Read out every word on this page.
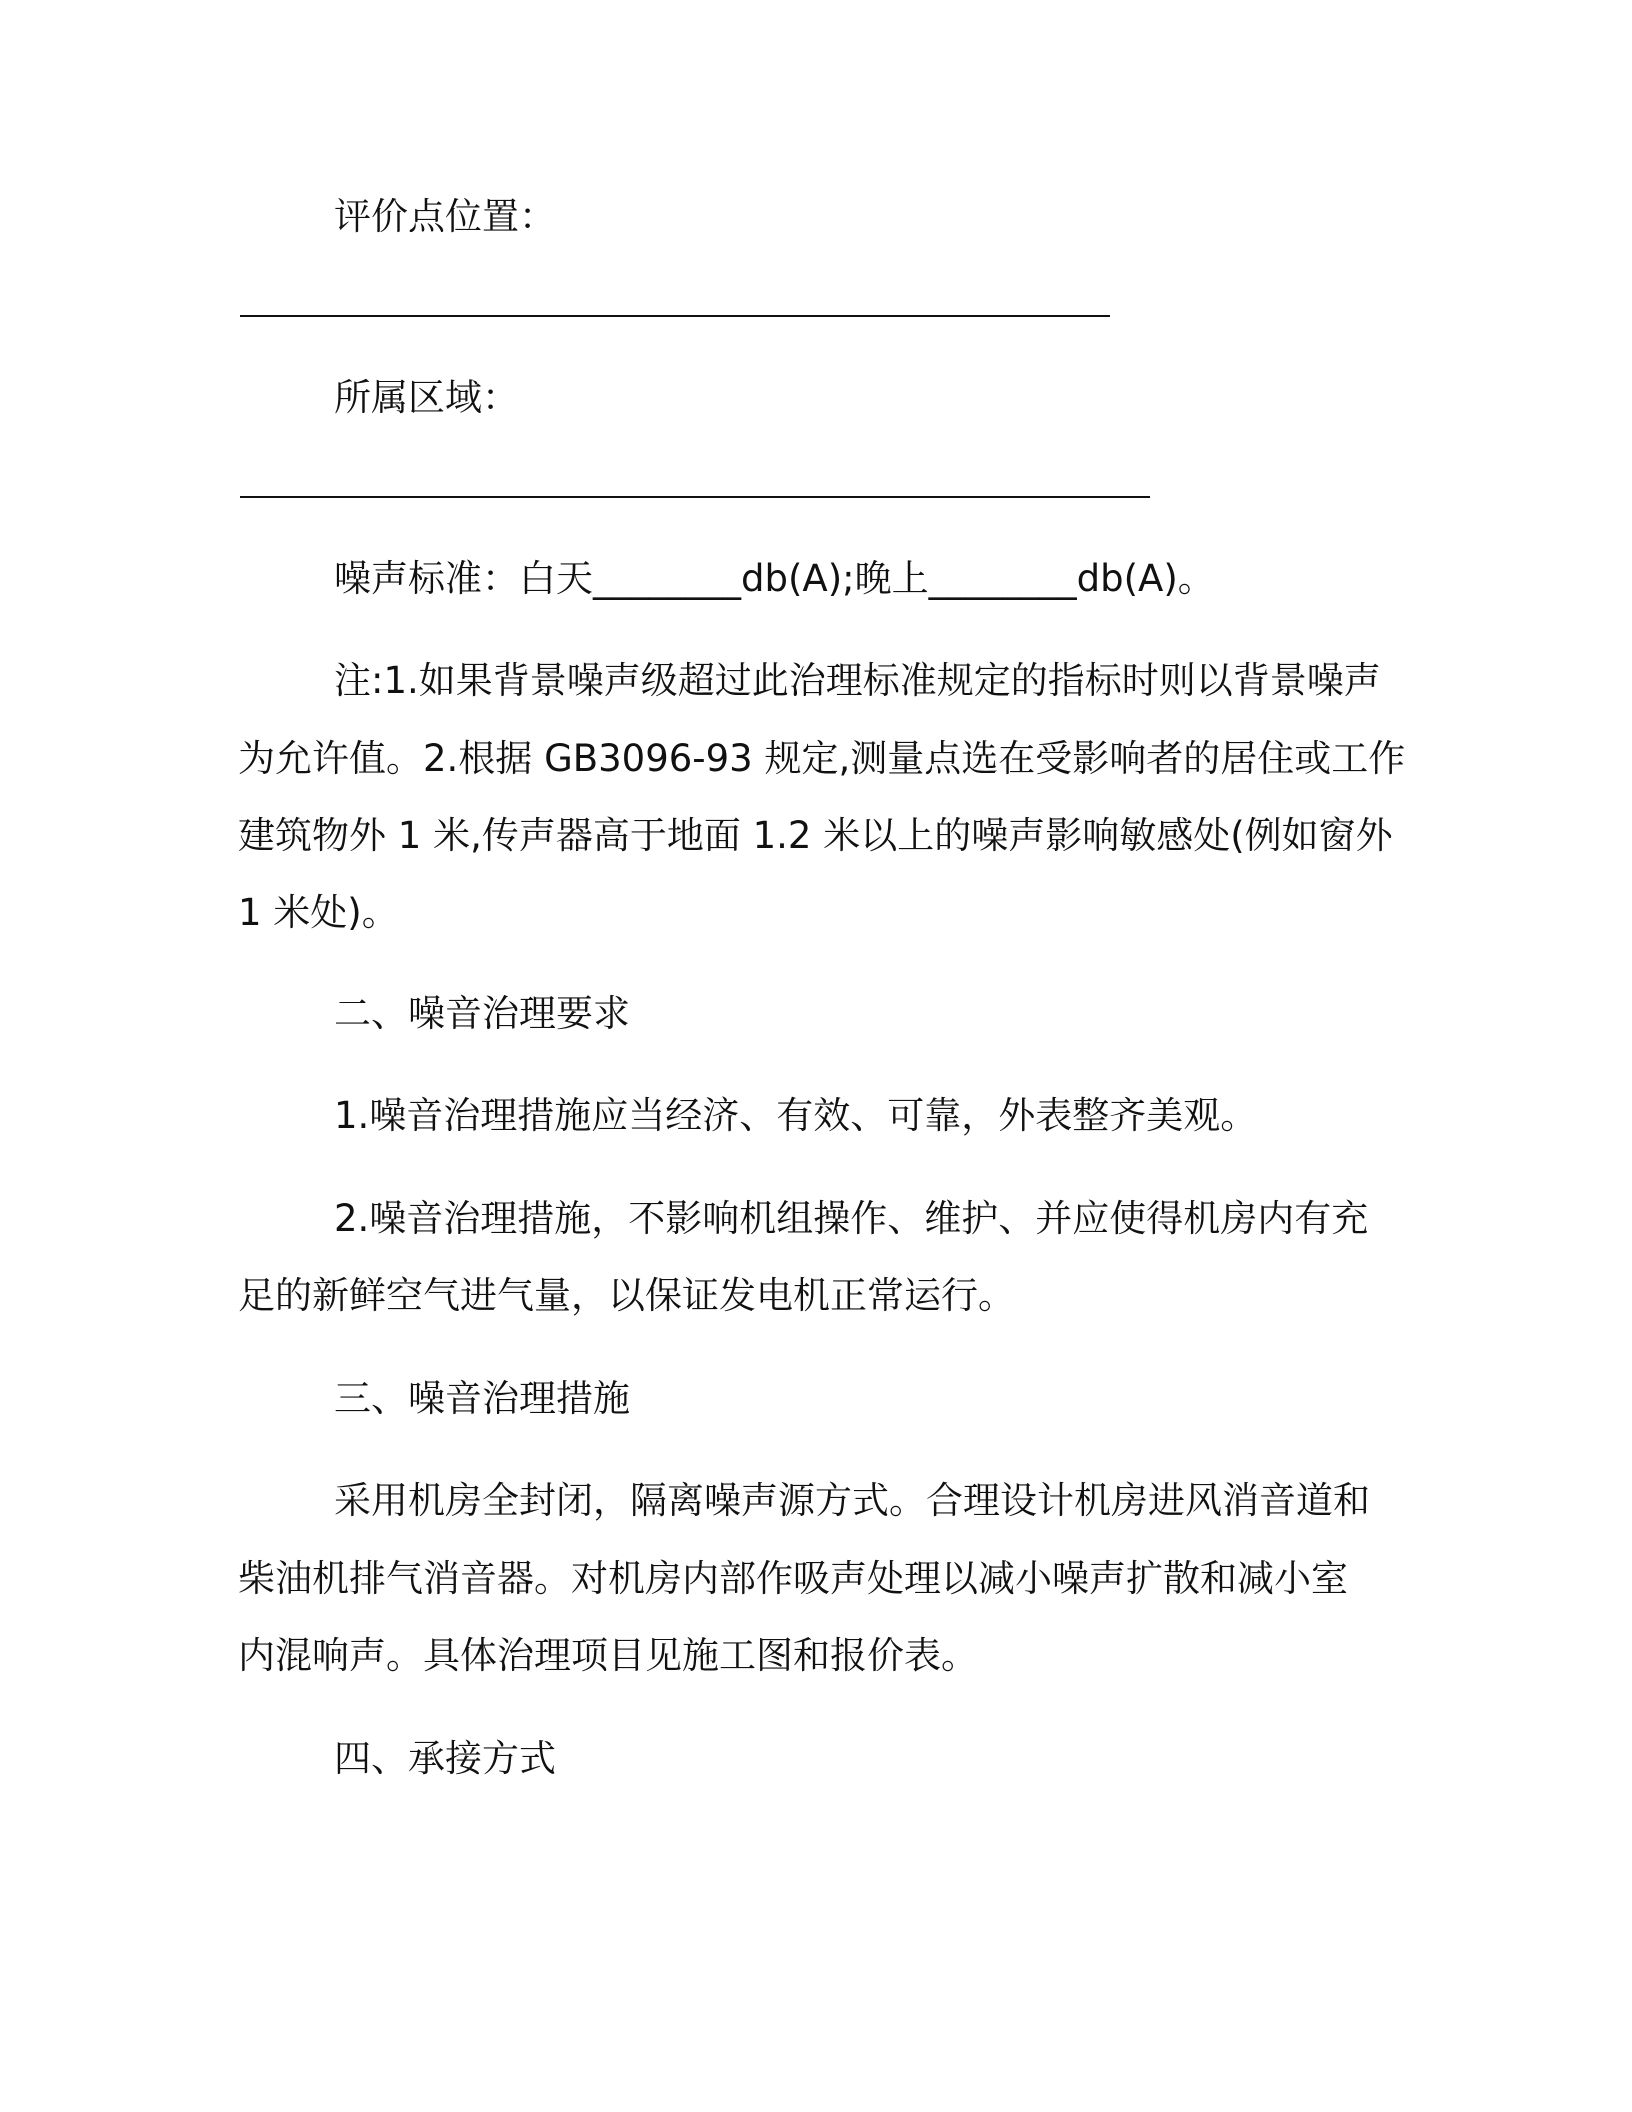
评价点位置：
所属区域：
噪声标准：白天________db(A);晚上________db(A)。
注:1.如果背景噪声级超过此治理标准规定的指标时则以背景噪声
为允许值。2.根据 GB3096-93 规定,测量点选在受影响者的居住或工作
建筑物外 1 米,传声器高于地面 1.2 米以上的噪声影响敏感处(例如窗外
1 米处)。
二、噪音治理要求
1.噪音治理措施应当经济、有效、可靠，外表整齐美观。
2.噪音治理措施，不影响机组操作、维护、并应使得机房内有充
足的新鲜空气进气量，以保证发电机正常运行。
三、噪音治理措施
采用机房全封闭，隔离噪声源方式。合理设计机房进风消音道和
柴油机排气消音器。对机房内部作吸声处理以减小噪声扩散和减小室
内混响声。具体治理项目见施工图和报价表。
四、承接方式
